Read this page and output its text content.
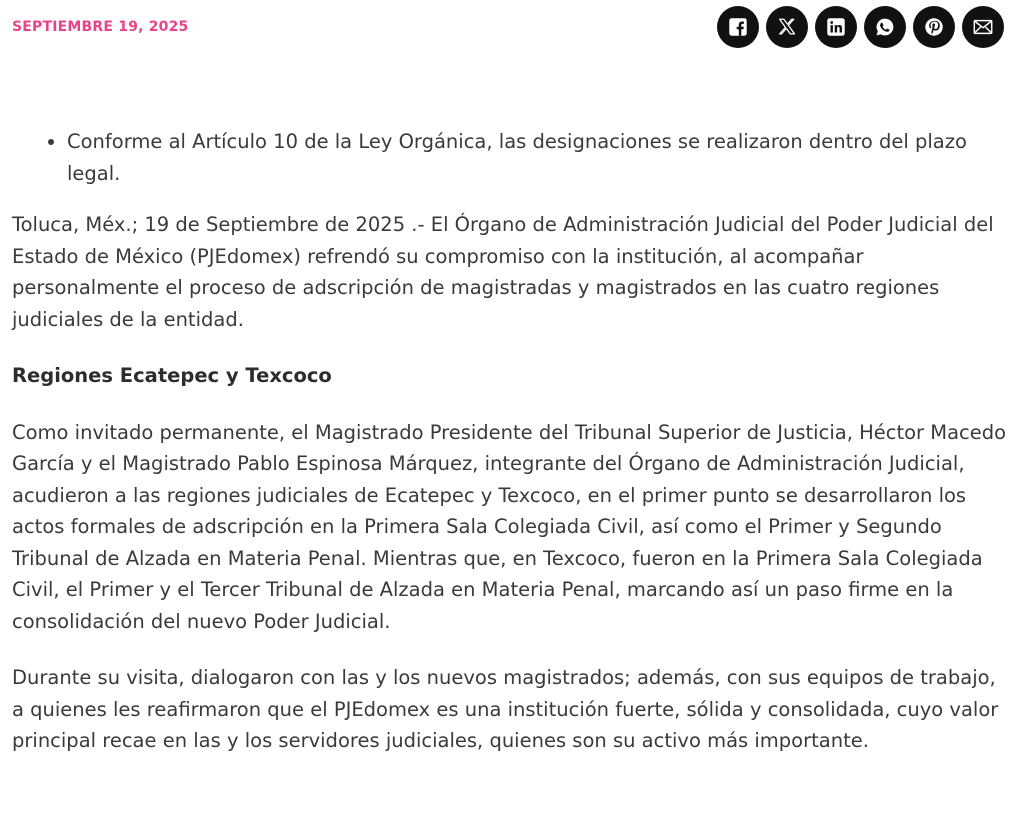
SEPTIEMBRE 19, 2025
• Conforme al Artículo 10 de la Ley Orgánica, las designaciones se realizaron dentro del plazo legal.

Toluca, Méx.; 19 de Septiembre de 2025 .- El Órgano de Administración Judicial del Poder Judicial del Estado de México (PJEdomex) refrendó su compromiso con la institución, al acompañar personalmente el proceso de adscripción de magistradas y magistrados en las cuatro regiones judiciales de la entidad.

Regiones Ecatepec y Texcoco

Como invitado permanente, el Magistrado Presidente del Tribunal Superior de Justicia, Héctor Macedo García y el Magistrado Pablo Espinosa Márquez, integrante del Órgano de Administración Judicial, acudieron a las regiones judiciales de Ecatepec y Texcoco, en el primer punto se desarrollaron los actos formales de adscripción en la Primera Sala Colegiada Civil, así como el Primer y Segundo Tribunal de Alzada en Materia Penal. Mientras que, en Texcoco, fueron en la Primera Sala Colegiada Civil, el Primer y el Tercer Tribunal de Alzada en Materia Penal, marcando así un paso firme en la consolidación del nuevo Poder Judicial.

Durante su visita, dialogaron con las y los nuevos magistrados; además, con sus equipos de trabajo, a quienes les reafirmaron que el PJEdomex es una institución fuerte, sólida y consolidada, cuyo valor principal recae en las y los servidores judiciales, quienes son su activo más importante.
